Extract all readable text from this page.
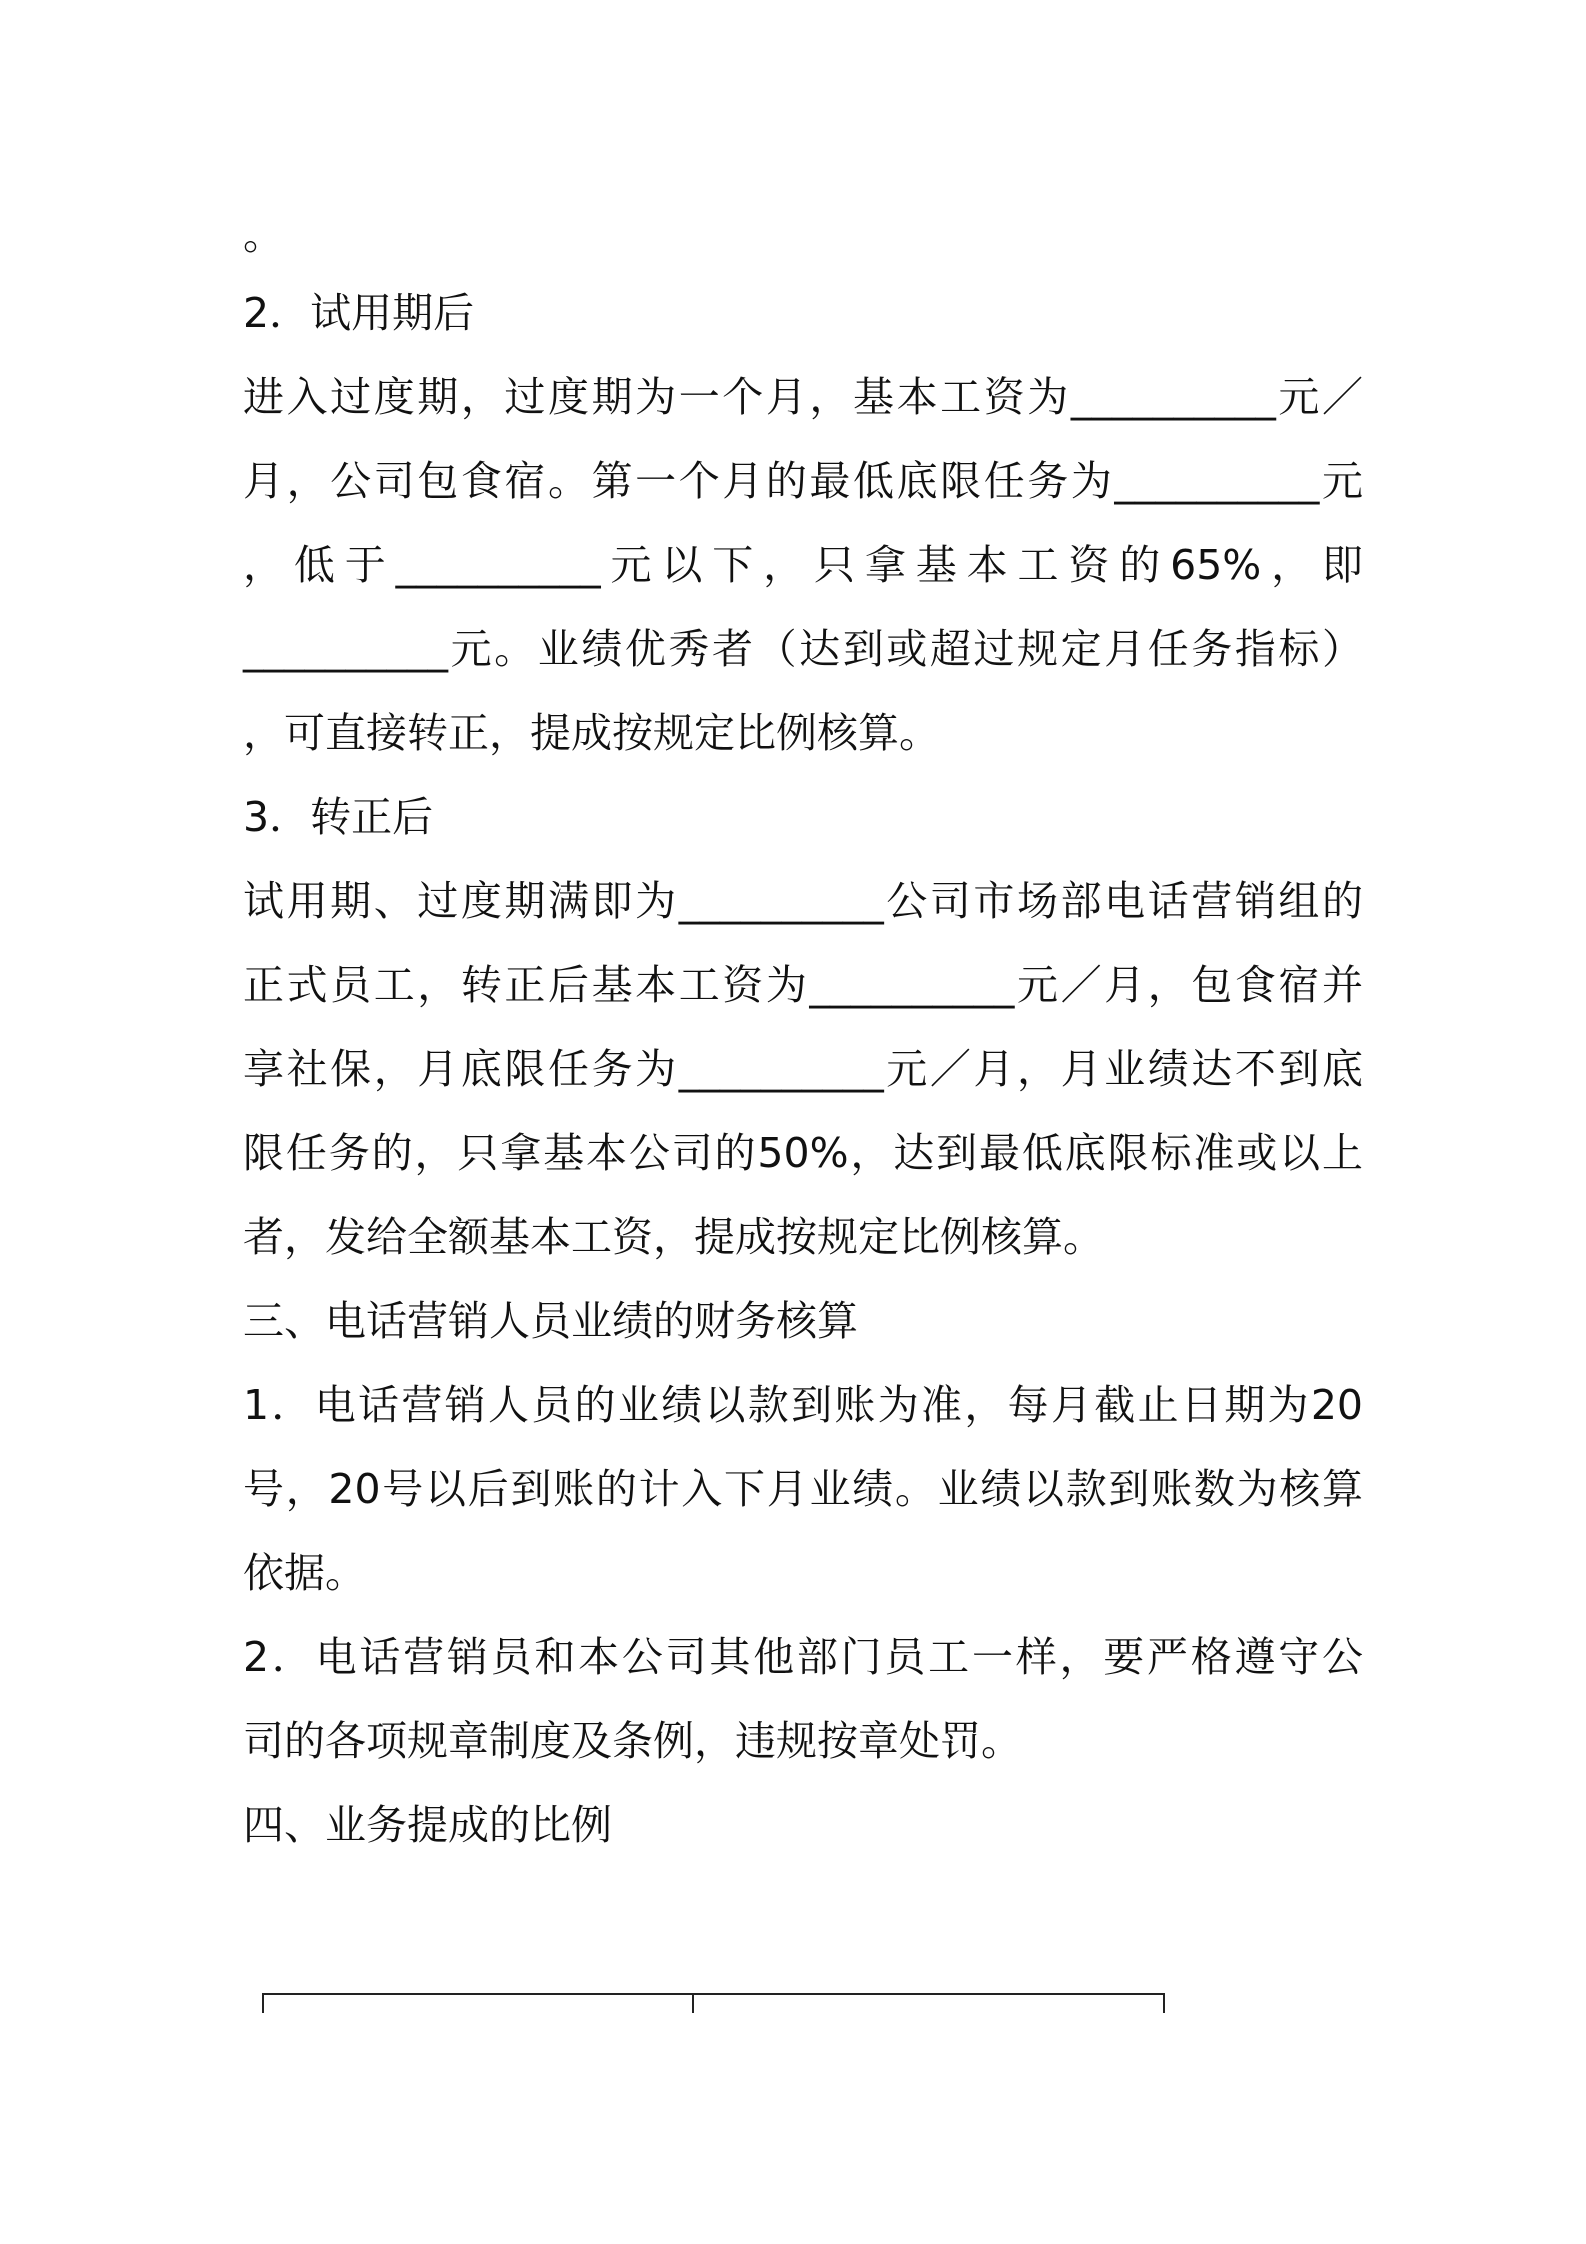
。
2．试用期后
进入过度期，过度期为一个月，基本工资为__________元／
月，公司包食宿。第一个月的最低底限任务为__________元
，低于__________元以下，只拿基本工资的65%，即
__________元。业绩优秀者（达到或超过规定月任务指标）
，可直接转正，提成按规定比例核算。
3．转正后
试用期、过度期满即为__________公司市场部电话营销组的
正式员工，转正后基本工资为__________元／月，包食宿并
享社保，月底限任务为__________元／月，月业绩达不到底
限任务的，只拿基本公司的50%，达到最低底限标准或以上
者，发给全额基本工资，提成按规定比例核算。
三、电话营销人员业绩的财务核算
1．电话营销人员的业绩以款到账为准，每月截止日期为20
号，20号以后到账的计入下月业绩。业绩以款到账数为核算
依据。
2．电话营销员和本公司其他部门员工一样，要严格遵守公
司的各项规章制度及条例，违规按章处罚。
四、业务提成的比例
